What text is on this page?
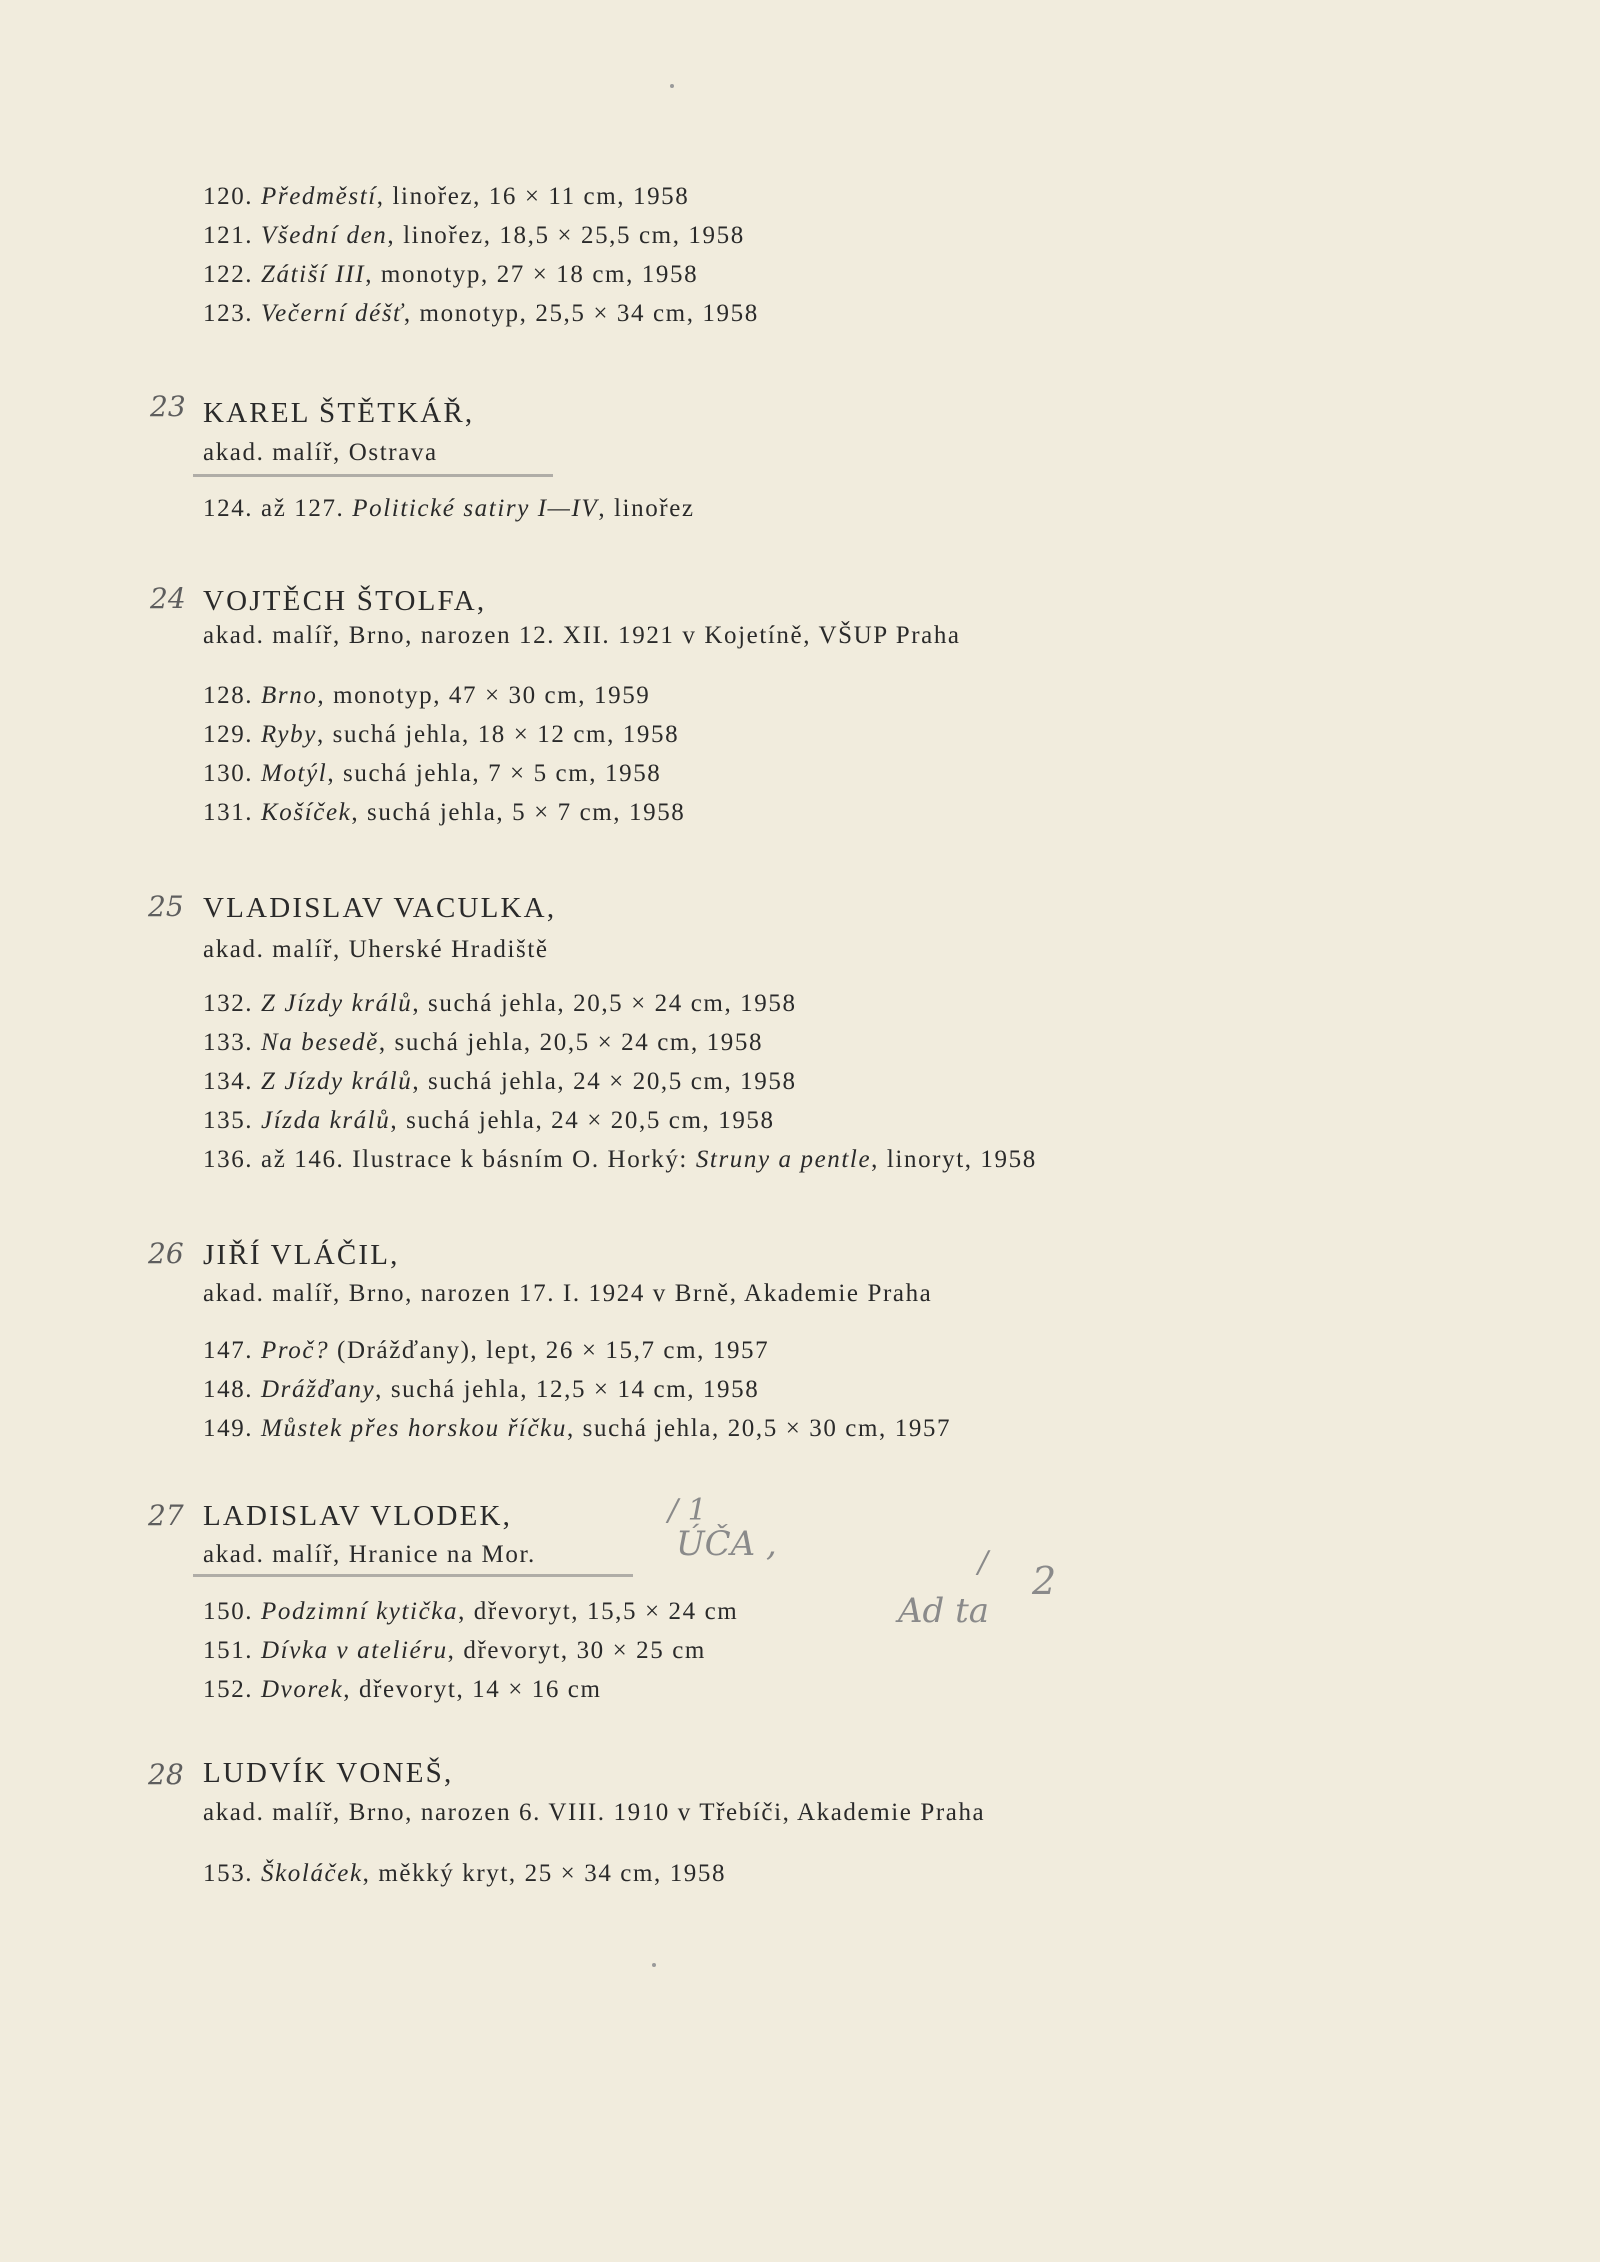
120. Předměstí, linořez, 16 × 11 cm, 1958
121. Všední den, linořez, 18,5 × 25,5 cm, 1958
122. Zátiší III, monotyp, 27 × 18 cm, 1958
123. Večerní déšť, monotyp, 25,5 × 34 cm, 1958
23 KAREL ŠTĚTKÁŘ,
akad. malíř, Ostrava
124. až 127. Politické satiry I—IV, linořez
24 VOJTĚCH ŠTOLFA,
akad. malíř, Brno, narozen 12. XII. 1921 v Kojetíně, VŠUP Praha
128. Brno, monotyp, 47 × 30 cm, 1959
129. Ryby, suchá jehla, 18 × 12 cm, 1958
130. Motýl, suchá jehla, 7 × 5 cm, 1958
131. Košíček, suchá jehla, 5 × 7 cm, 1958
25 VLADISLAV VACULKA,
akad. malíř, Uherské Hradiště
132. Z Jízdy králů, suchá jehla, 20,5 × 24 cm, 1958
133. Na besedě, suchá jehla, 20,5 × 24 cm, 1958
134. Z Jízdy králů, suchá jehla, 24 × 20,5 cm, 1958
135. Jízda králů, suchá jehla, 24 × 20,5 cm, 1958
136. až 146. Ilustrace k básním O. Horký: Struny a pentle, linoryt, 1958
26 JIŘÍ VLÁČIL,
akad. malíř, Brno, narozen 17. I. 1924 v Brně, Akademie Praha
147. Proč? (Drážďany), lept, 26 × 15,7 cm, 1957
148. Drážďany, suchá jehla, 12,5 × 14 cm, 1958
149. Můstek přes horskou říčku, suchá jehla, 20,5 × 30 cm, 1957
27 LADISLAV VLODEK,
akad. malíř, Hranice na Mor.
/ 1
ÚČA ,	/ 2
Ad ta
150. Podzimní kytička, dřevoryt, 15,5 × 24 cm
151. Dívka v ateliéru, dřevoryt, 30 × 25 cm
152. Dvorek, dřevoryt, 14 × 16 cm
28 LUDVÍK VONEŠ,
akad. malíř, Brno, narozen 6. VIII. 1910 v Třebíči, Akademie Praha
153. Školáček, měkký kryt, 25 × 34 cm, 1958
